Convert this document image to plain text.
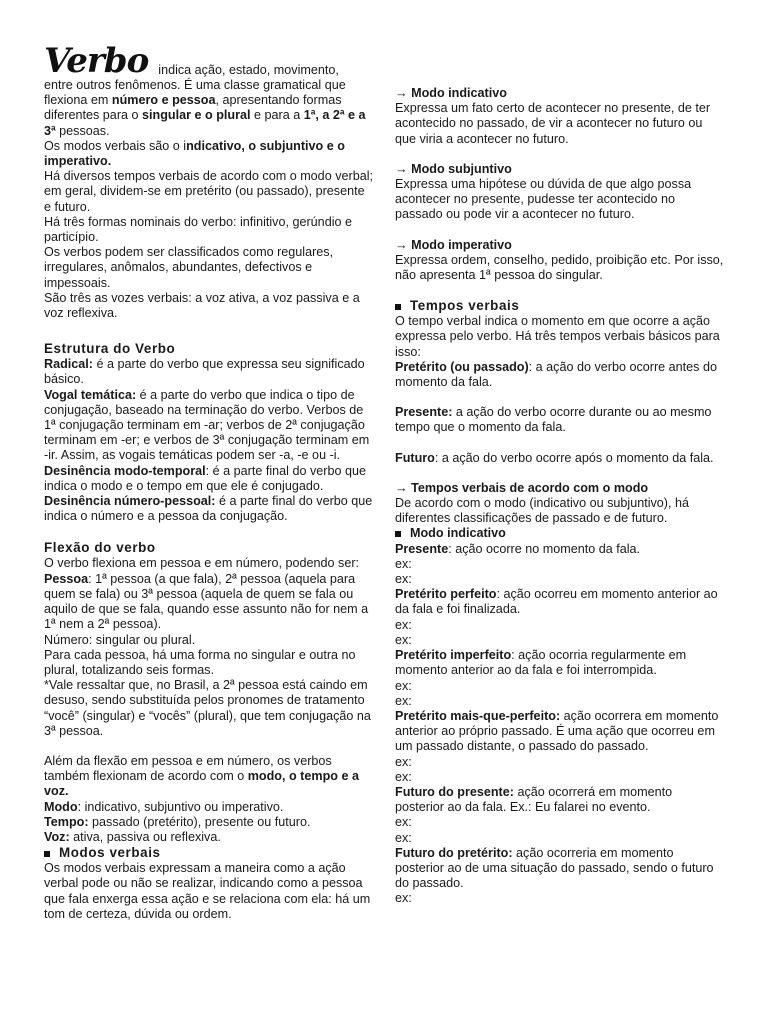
Verbo indica ação, estado, movimento,

entre outros fenômenos. É uma classe gramatical que flexiona em número e pessoa, apresentando formas diferentes para o singular e o plural e para a 1ª, a 2ª e a 3ª pessoas.

Os modos verbais são o indicativo, o subjuntivo e o imperativo.

Há diversos tempos verbais de acordo com o modo verbal; em geral, dividem-se em pretérito (ou passado), presente e futuro.

Há três formas nominais do verbo: infinitivo, gerúndio e particípio.

Os verbos podem ser classificados como regulares, irregulares, anômalos, abundantes, defectivos e impessoais.

São três as vozes verbais: a voz ativa, a voz passiva e a voz reflexiva.

Estrutura do Verbo

Radical: é a parte do verbo que expressa seu significado básico.

Vogal temática: é a parte do verbo que indica o tipo de conjugação, baseado na terminação do verbo. Verbos de 1ª conjugação terminam em -ar; verbos de 2ª conjugação terminam em -er; e verbos de 3ª conjugação terminam em -ir. Assim, as vogais temáticas podem ser -a, -e ou -i.

Desinência modo-temporal: é a parte final do verbo que indica o modo e o tempo em que ele é conjugado.

Desinência número-pessoal: é a parte final do verbo que indica o número e a pessoa da conjugação.

Flexão do verbo

O verbo flexiona em pessoa e em número, podendo ser:

Pessoa: 1ª pessoa (a que fala), 2ª pessoa (aquela para quem se fala) ou 3ª pessoa (aquela de quem se fala ou aquilo de que se fala, quando esse assunto não for nem a 1ª nem a 2ª pessoa).

Número: singular ou plural.

Para cada pessoa, há uma forma no singular e outra no plural, totalizando seis formas.

*Vale ressaltar que, no Brasil, a 2ª pessoa está caindo em desuso, sendo substituída pelos pronomes de tratamento “você” (singular) e “vocês” (plural), que tem conjugação na 3ª pessoa.

Além da flexão em pessoa e em número, os verbos também flexionam de acordo com o modo, o tempo e a voz.

Modo: indicativo, subjuntivo ou imperativo.

Tempo: passado (pretérito), presente ou futuro.

Voz: ativa, passiva ou reflexiva.

Modos verbais

Os modos verbais expressam a maneira como a ação verbal pode ou não se realizar, indicando como a pessoa que fala enxerga essa ação e se relaciona com ela: há um tom de certeza, dúvida ou ordem.

→ Modo indicativo

Expressa um fato certo de acontecer no presente, de ter acontecido no passado, de vir a acontecer no futuro ou que viria a acontecer no futuro.

→ Modo subjuntivo

Expressa uma hipótese ou dúvida de que algo possa acontecer no presente, pudesse ter acontecido no passado ou pode vir a acontecer no futuro.

→ Modo imperativo

Expressa ordem, conselho, pedido, proibição etc. Por isso, não apresenta 1ª pessoa do singular.

Tempos verbais

O tempo verbal indica o momento em que ocorre a ação expressa pelo verbo. Há três tempos verbais básicos para isso:

Pretérito (ou passado): a ação do verbo ocorre antes do momento da fala.

Presente: a ação do verbo ocorre durante ou ao mesmo tempo que o momento da fala.

Futuro: a ação do verbo ocorre após o momento da fala.

→ Tempos verbais de acordo com o modo

De acordo com o modo (indicativo ou subjuntivo), há diferentes classificações de passado e de futuro.

Modo indicativo

Presente: ação ocorre no momento da fala.

ex:

ex:

Pretérito perfeito: ação ocorreu em momento anterior ao da fala e foi finalizada.

ex:

ex:

Pretérito imperfeito: ação ocorria regularmente em momento anterior ao da fala e foi interrompida.

ex:

ex:

Pretérito mais-que-perfeito: ação ocorrera em momento anterior ao próprio passado. É uma ação que ocorreu em um passado distante, o passado do passado.

ex:

ex:

Futuro do presente: ação ocorrerá em momento posterior ao da fala. Ex.: Eu falarei no evento.

ex:

ex:

Futuro do pretérito: ação ocorreria em momento posterior ao de uma situação do passado, sendo o futuro do passado.

ex:
